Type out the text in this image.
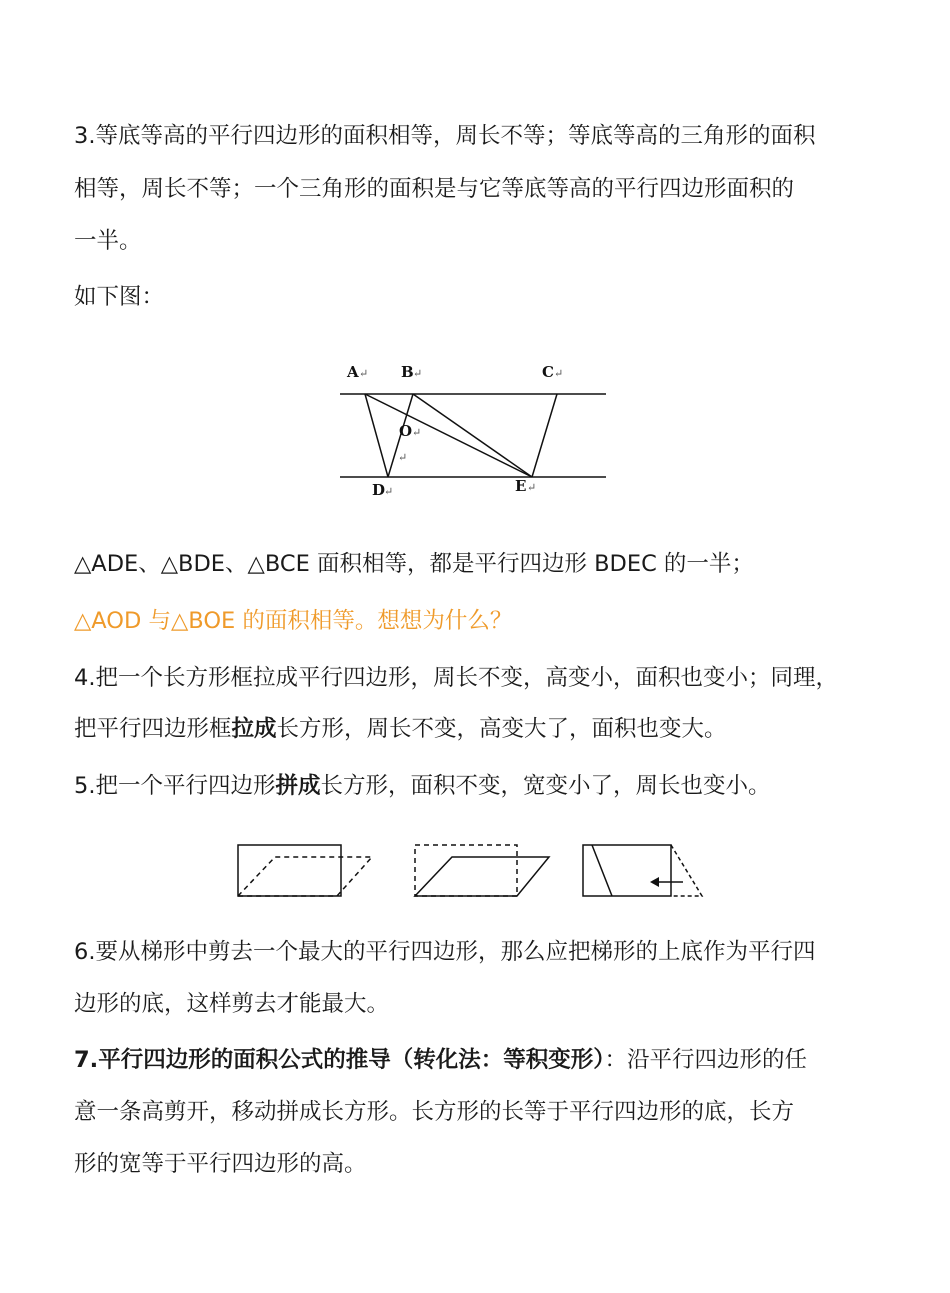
3.等底等高的平行四边形的面积相等，周长不等；等底等高的三角形的面积
相等，周长不等；一个三角形的面积是与它等底等高的平行四边形面积的
一半。
如下图：
A ↵ B ↵	C ↵
O ↵
↵
D
↵	E ↵
△ADE、△BDE、△BCE 面积相等，都是平行四边形 BDEC 的一半；
△AOD 与△BOE 的面积相等。想想为什么？
4.把一个长方形框拉成平行四边形，周长不变，高变小，面积也变小；同理，
把平行四边形框拉成长方形，周长不变，高变大了，面积也变大。
5.把一个平行四边形拼成长方形，面积不变，宽变小了，周长也变小。
6.要从梯形中剪去一个最大的平行四边形，那么应把梯形的上底作为平行四
边形的底，这样剪去才能最大。
7.平行四边形的面积公式的推导（转化法：等积变形）：沿平行四边形的任
意一条高剪开，移动拼成长方形。长方形的长等于平行四边形的底，长方
形的宽等于平行四边形的高。
